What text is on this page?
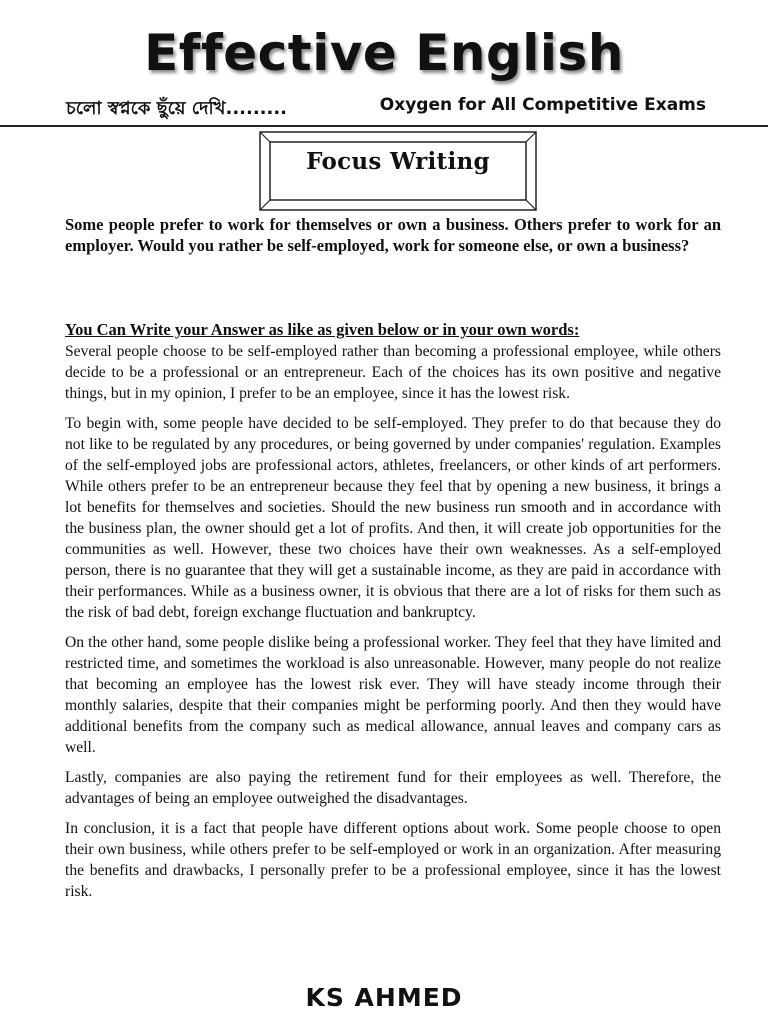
Effective English
চলো স্বপ্নকে ছুঁয়ে দেখি.........	Oxygen for All Competitive Exams
Focus Writing
Some people prefer to work for themselves or own a business. Others prefer to work for an employer. Would you rather be self-employed, work for someone else, or own a business?
You Can Write your Answer as like as given below or in your own words:

Several people choose to be self-employed rather than becoming a professional employee, while others decide to be a professional or an entrepreneur. Each of the choices has its own positive and negative things, but in my opinion, I prefer to be an employee, since it has the lowest risk.

To begin with, some people have decided to be self-employed. They prefer to do that because they do not like to be regulated by any procedures, or being governed by under companies' regulation. Examples of the self-employed jobs are professional actors, athletes, freelancers, or other kinds of art performers. While others prefer to be an entrepreneur because they feel that by opening a new business, it brings a lot benefits for themselves and societies. Should the new business run smooth and in accordance with the business plan, the owner should get a lot of profits. And then, it will create job opportunities for the communities as well. However, these two choices have their own weaknesses. As a self-employed person, there is no guarantee that they will get a sustainable income, as they are paid in accordance with their performances. While as a business owner, it is obvious that there are a lot of risks for them such as the risk of bad debt, foreign exchange fluctuation and bankruptcy.

On the other hand, some people dislike being a professional worker. They feel that they have limited and restricted time, and sometimes the workload is also unreasonable. However, many people do not realize that becoming an employee has the lowest risk ever. They will have steady income through their monthly salaries, despite that their companies might be performing poorly. And then they would have additional benefits from the company such as medical allowance, annual leaves and company cars as well.

Lastly, companies are also paying the retirement fund for their employees as well. Therefore, the advantages of being an employee outweighed the disadvantages.

In conclusion, it is a fact that people have different options about work. Some people choose to open their own business, while others prefer to be self-employed or work in an organization. After measuring the benefits and drawbacks, I personally prefer to be a professional employee, since it has the lowest risk.

KS AHMED
